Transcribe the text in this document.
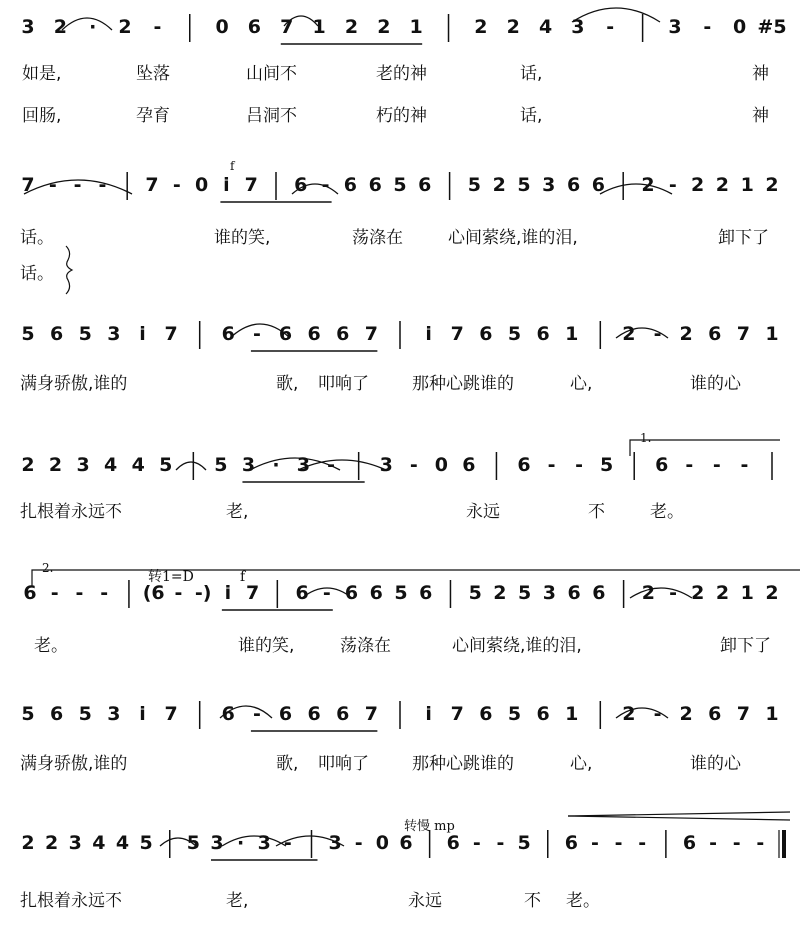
3 2 · 2 -	0 6 7 1 2 2 1	2 2 4 3 -	3 - 0 #5
如是,	坠落	山间不	老的神	话,	神
回肠,	孕育	吕洞不	朽的神	话,	神
7 - - - 7 - 0 i 7 6 - 6 6 5 6 5 2 5 3 6 6 2 - 2 2 1 2
话。	谁的笑,	荡涤在	心间萦绕,谁的泪,	卸下了
话。
5 6 5 3 i 7 6 - 6 6 6 7 i 7 6 5 6 1 2 - 2 6 7 1
满身骄傲,谁的	歌, 叩响了	那种心跳谁的	心,	谁的心
2 2 3 4 4 5 5 3 · 3 - 3 - 0 6 6 - - 5 6 - - -
扎根着永远不	老,	永远	不	老。
6 - - - (6 - -) i 7 6 - 6 6 5 6 5 2 5 3 6 6 2 - 2 2 1 2
老。	谁的笑,	荡涤在	心间萦绕,谁的泪,	卸下了
5 6 5 3 i 7 6 - 6 6 6 7 i 7 6 5 6 1 2 - 2 6 7 1
满身骄傲,谁的	歌, 叩响了	那种心跳谁的	心,	谁的心
2 2 3 4 4 5 5 3 · 3 - 3 - 0 6 6 - - 5 6 - - - 6 - - -
扎根着永远不	老,	永远	不 老。
f
1.
2.
转1=D	f
转慢 mp
